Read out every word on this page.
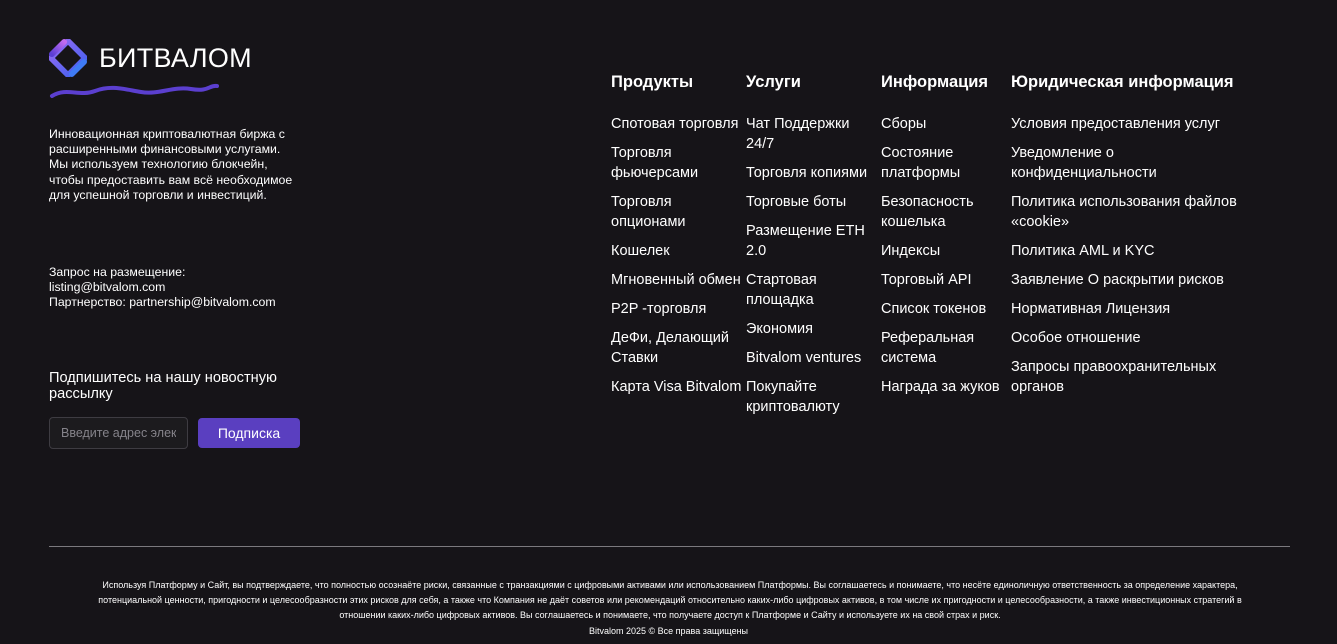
БИТВАЛОМ

Инновационная криптовалютная биржа с расширенными финансовыми услугами. Мы используем технологию блокчейн, чтобы предоставить вам всё необходимое для успешной торговли и инвестиций.

Запрос на размещение:
listing@bitvalom.com
Партнерство: partnership@bitvalom.com
Подпишитесь на нашу новостную рассылку
Введите адрес электронной почты
Подписка
Продукты
Спотовая торговля
Торговля фьючерсами
Торговля опционами
Кошелек
Мгновенный обмен
P2P -торговля
ДеФи, Делающий Ставки
Карта Visa Bitvalom
Услуги
Чат Поддержки 24/7
Торговля копиями
Торговые боты
Размещение ETH 2.0
Стартовая площадка
Экономия
Bitvalom ventures
Покупайте криптовалюту
Информация
Сборы
Состояние платформы
Безопасность кошелька
Индексы
Торговый API
Список токенов
Реферальная система
Награда за жуков
Юридическая информация
Условия предоставления услуг
Уведомление о конфиденциальности
Политика использования файлов «cookie»
Политика AML и KYC
Заявление О раскрытии рисков
Нормативная Лицензия
Особое отношение
Запросы правоохранительных органов

Используя Платформу и Сайт, вы подтверждаете, что полностью осознаёте риски, связанные с транзакциями с цифровыми активами или использованием Платформы. Вы соглашаетесь и понимаете, что несёте единоличную ответственность за определение характера, потенциальной ценности, пригодности и целесообразности этих рисков для себя, а также что Компания не даёт советов или рекомендаций относительно каких-либо цифровых активов, в том числе их пригодности и целесообразности, а также инвестиционных стратегий в отношении каких-либо цифровых активов. Вы соглашаетесь и понимаете, что получаете доступ к Платформе и Сайту и используете их на свой страх и риск.

Bitvalom 2025 © Все права защищены
